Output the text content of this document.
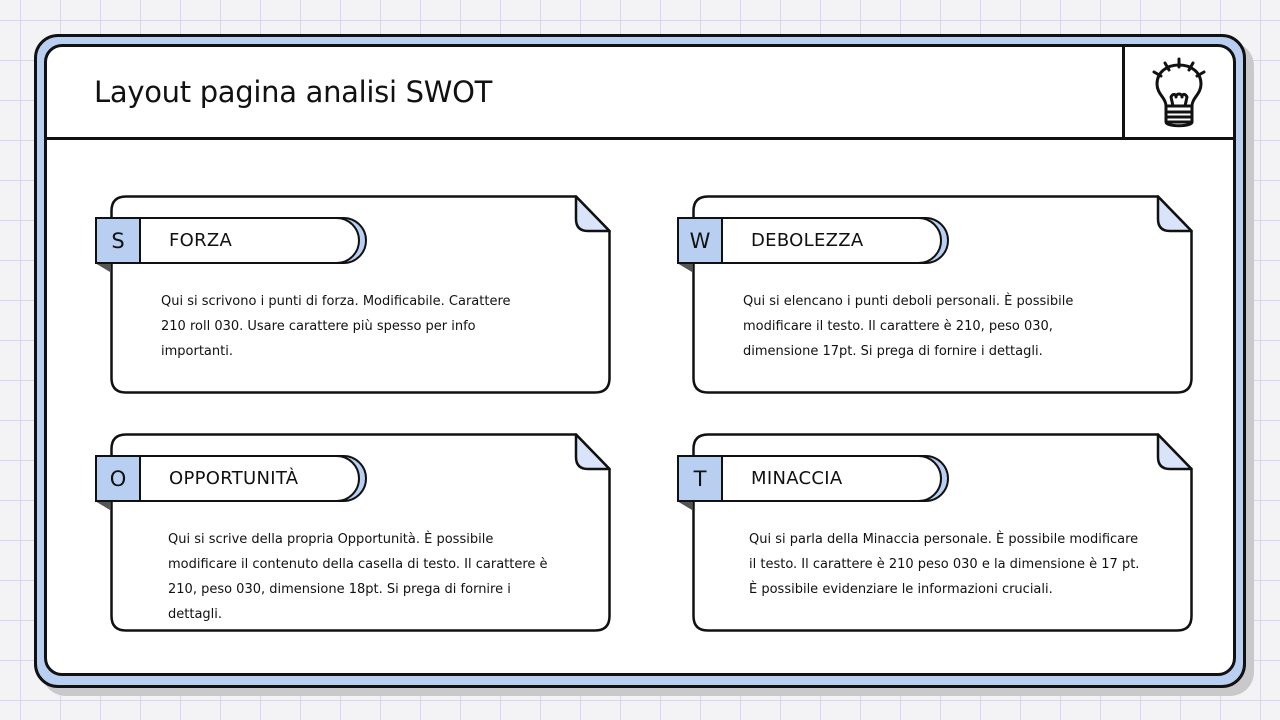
Layout pagina analisi SWOT
S	FORZA
Qui si scrivono i punti di forza. Modificabile. Carattere 210 roll 030. Usare carattere più spesso per info importanti.
W	DEBOLEZZA
Qui si elencano i punti deboli personali. È possibile modificare il testo. Il carattere è 210, peso 030, dimensione 17pt. Si prega di fornire i dettagli.
O	OPPORTUNITÀ
Qui si scrive della propria Opportunità. È possibile modificare il contenuto della casella di testo. Il carattere è 210, peso 030, dimensione 18pt. Si prega di fornire i dettagli.
T	MINACCIA
Qui si parla della Minaccia personale. È possibile modificare il testo. Il carattere è 210 peso 030 e la dimensione è 17 pt. È possibile evidenziare le informazioni cruciali.
